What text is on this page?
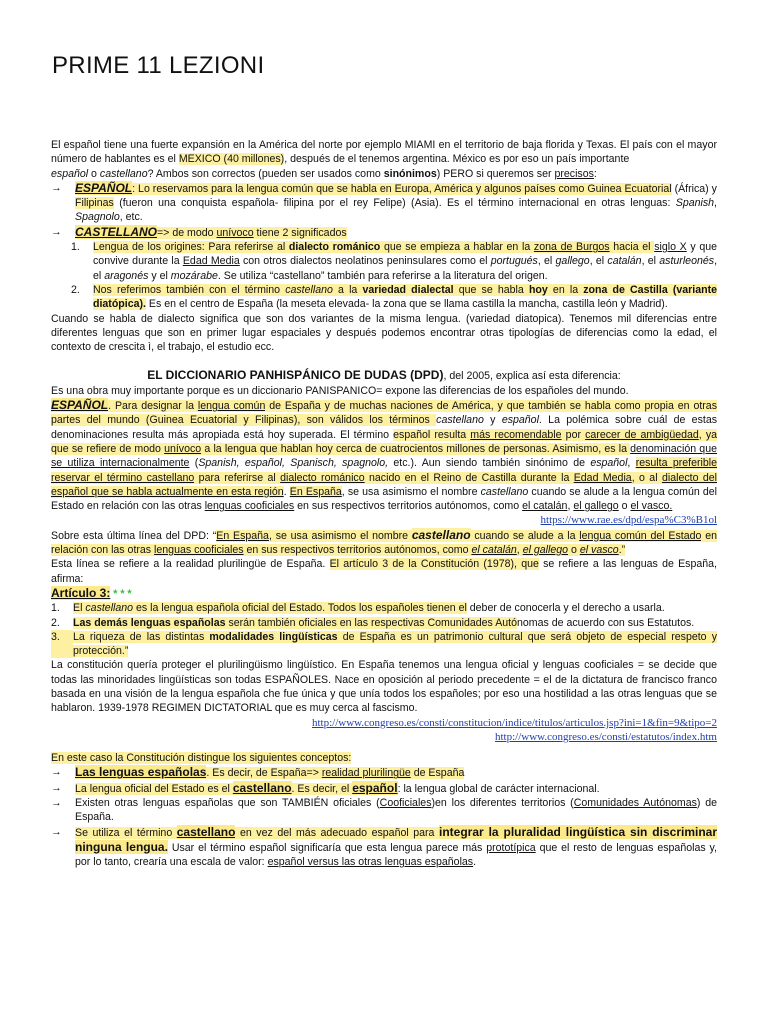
PRIME 11 LEZIONI

El español tiene una fuerte expansión en la América del norte por ejemplo MIAMI en el territorio de baja florida y Texas. El país con el mayor número de hablantes es el MEXICO (40 millones), después de el tenemos argentina. México es por eso un país importante

español o castellano? Ambos son correctos (pueden ser usados como sinónimos) PERO si queremos ser precisos:

→	ESPAÑOL: Lo reservamos para la lengua común que se habla en Europa, América y algunos países como Guinea Ecuatorial (África) y Filipinas (fueron una conquista española- filipina por el rey Felipe) (Asia). Es el término internacional en otras lenguas: Spanish, Spagnolo, etc.
→	CASTELLANO=> de modo unívoco tiene 2 significados
1.	Lengua de los origines: Para referirse al dialecto románico que se empieza a hablar en la zona de Burgos hacia el siglo X y que convive durante la Edad Media con otros dialectos neolatinos peninsulares como el portugués, el gallego, el catalán, el asturleonés, el aragonés y el mozárabe. Se utiliza “castellano” también para referirse a la literatura del origen.
2.	Nos referimos también con el término castellano a la variedad dialectal que se habla hoy en la zona de Castilla (variante diatópica). Es en el centro de España (la meseta elevada- la zona que se llama castilla la mancha, castilla león y Madrid).

Cuando se habla de dialecto significa que son dos variantes de la misma lengua. (variedad diatopica). Tenemos mil diferencias entre diferentes lenguas que son en primer lugar espaciales y después podemos encontrar otras tipologías de diferencias como la edad, el contexto de crescita ì, el trabajo, el estudio ecc.

EL DICCIONARIO PANHISPÁNICO DE DUDAS (DPD), del 2005, explica así esta diferencia:

Es una obra muy importante porque es un diccionario PANISPANICO= expone las diferencias de los españoles del mundo.

ESPAÑOL. Para designar la lengua común de España y de muchas naciones de América, y que también se habla como propia en otras partes del mundo (Guinea Ecuatorial y Filipinas), son válidos los términos castellano y español. La polémica sobre cuál de estas denominaciones resulta más apropiada está hoy superada. El término español resulta más recomendable por carecer de ambigüedad, ya que se refiere de modo unívoco a la lengua que hablan hoy cerca de cuatrocientos millones de personas. Asimismo, es la denominación que se utiliza internacionalmente (Spanish, español, Spanisch, spagnolo, etc.). Aun siendo también sinónimo de español, resulta preferible reservar el término castellano para referirse al dialecto románico nacido en el Reino de Castilla durante la Edad Media, o al dialecto del español que se habla actualmente en esta región. En España, se usa asimismo el nombre castellano cuando se alude a la lengua común del Estado en relación con las otras lenguas cooficiales en sus respectivos territorios autónomos, como el catalán, el gallego o el vasco.

https://www.rae.es/dpd/espa%C3%B1ol

Sobre esta última línea del DPD: “En España, se usa asimismo el nombre castellano cuando se alude a la lengua común del Estado en relación con las otras lenguas cooficiales en sus respectivos territorios autónomos, como el catalán, el gallego o el vasco.”

Esta línea se refiere a la realidad plurilingüe de España. El artículo 3 de la Constitución (1978), que se refiere a las lenguas de España, afirma:

Artículo 3: * * *

1.	El castellano es la lengua española oficial del Estado. Todos los españoles tienen el deber de conocerla y el derecho a usarla.
2.	Las demás lenguas españolas serán también oficiales en las respectivas Comunidades Autónomas de acuerdo con sus Estatutos.
3.	La riqueza de las distintas modalidades lingüísticas de España es un patrimonio cultural que será objeto de especial respeto y protección.”

La constitución quería proteger el plurilingüismo lingüístico. En España tenemos una lengua oficial y lenguas cooficiales = se decide que todas las minoridades lingüísticas son todas ESPAÑOLES. Nace en oposición al periodo precedente = el de la dictatura de francisco franco basada en una visión de la lengua española che fue única y que unía todos los españoles; por eso una hostilidad a las otras lenguas que se hablaron. 1939-1978 REGIMEN DICTATORIAL que es muy cerca al fascismo.

http://www.congreso.es/consti/constitucion/indice/titulos/articulos.jsp?ini=1&fin=9&tipo=2

http://www.congreso.es/consti/estatutos/index.htm

En este caso la Constitución distingue los siguientes conceptos:

→	Las lenguas españolas. Es decir, de España=> realidad plurilingüe de España
→	La lengua oficial del Estado es el castellano. Es decir, el español: la lengua global de carácter internacional.
→	Existen otras lenguas españolas que son TAMBIÉN oficiales (Cooficiales)en los diferentes territorios (Comunidades Autónomas) de España.
→	Se utiliza el término castellano en vez del más adecuado español para integrar la pluralidad lingüística sin discriminar ninguna lengua. Usar el término español significaría que esta lengua parece más prototípica que el resto de lenguas españolas y, por lo tanto, crearía una escala de valor: español versus las otras lenguas españolas.
